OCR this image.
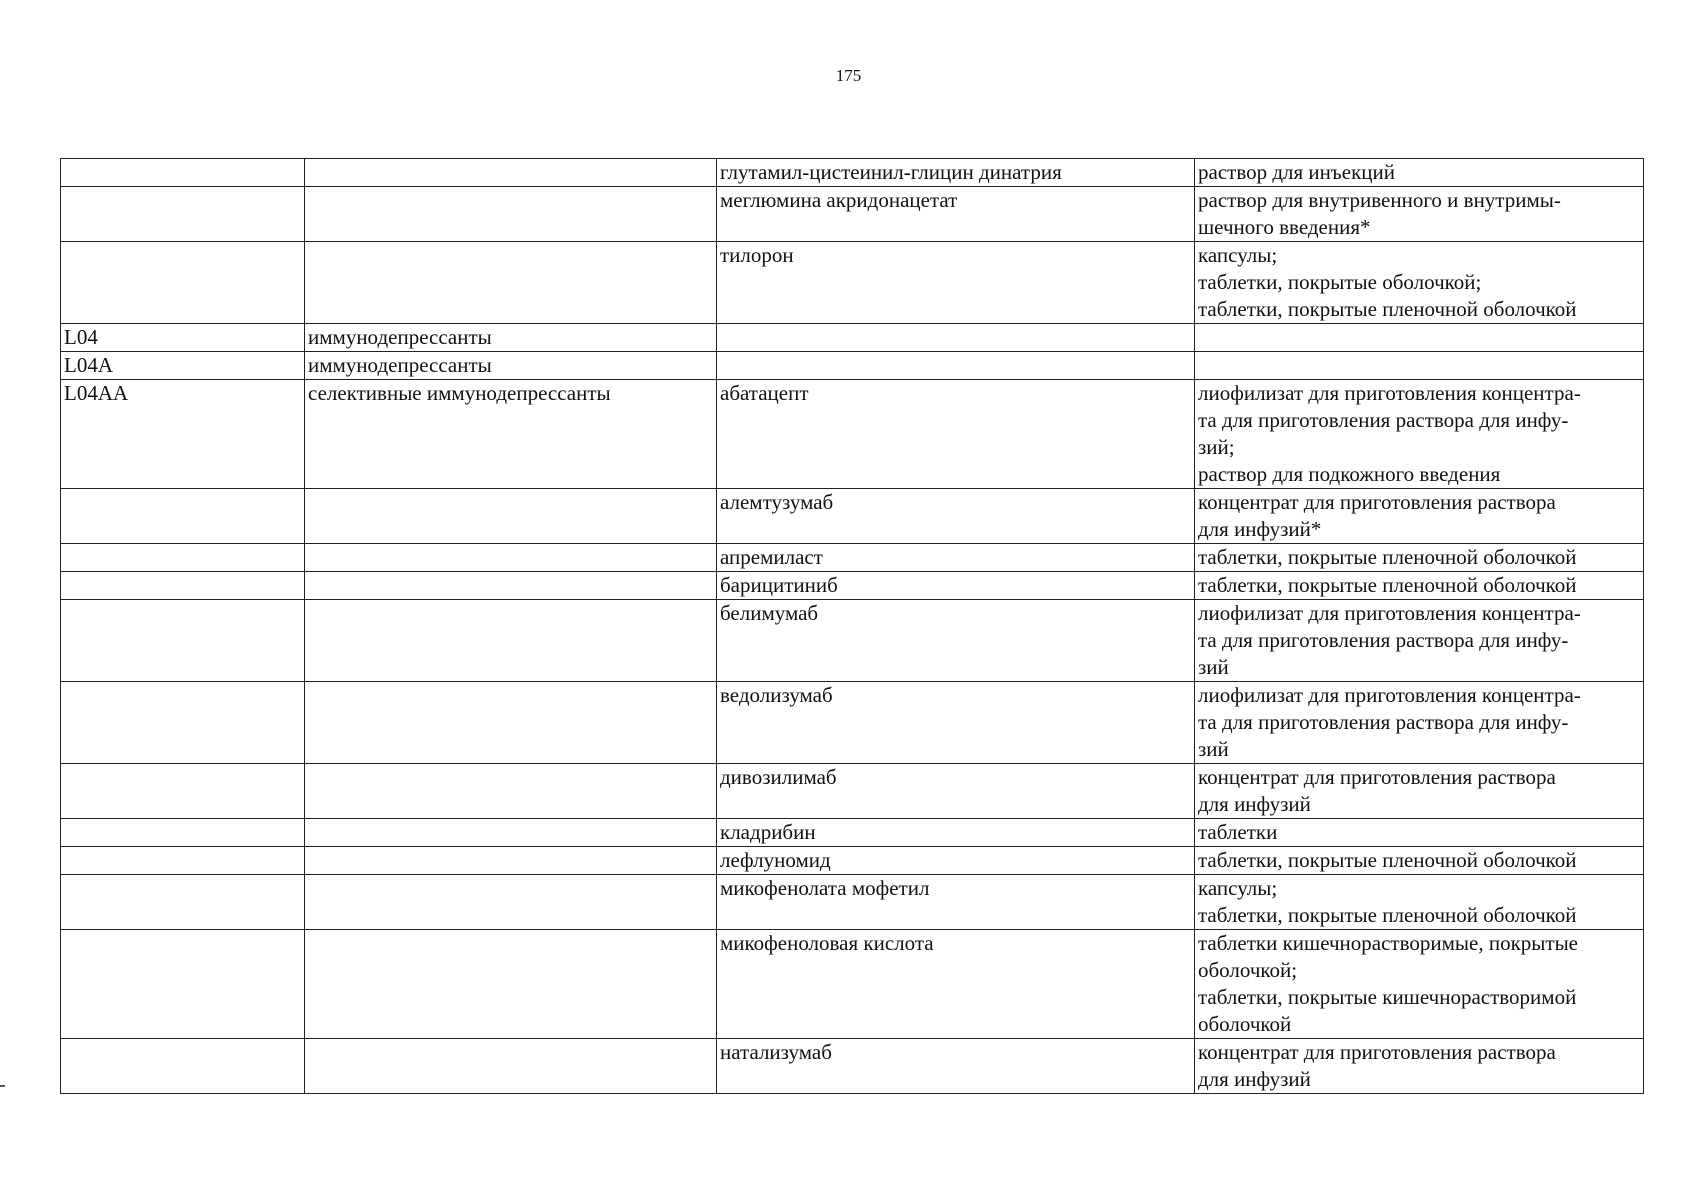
175
		глутамил-цистеинил-глицин динатрия	раствор для инъекций

		меглюмина акридонацетат	раствор для внутривенного и внутримы-
шечного введения*

		тилорон	капсулы;
таблетки, покрытые оболочкой;
таблетки, покрытые пленочной оболочкой

L04	иммунодепрессанты		
L04A	иммунодепрессанты		
L04AA	селективные иммунодепрессанты	абатацепт	лиофилизат для приготовления концентра-
та для приготовления раствора для инфу-
зий;
раствор для подкожного введения

		алемтузумаб	концентрат для приготовления раствора
для инфузий*

		апремиласт	таблетки, покрытые пленочной оболочкой

		барицитиниб	таблетки, покрытые пленочной оболочкой

		белимумаб	лиофилизат для приготовления концентра-
та для приготовления раствора для инфу-
зий

		ведолизумаб	лиофилизат для приготовления концентра-
та для приготовления раствора для инфу-
зий

		дивозилимаб	концентрат для приготовления раствора
для инфузий

		кладрибин	таблетки

		лефлуномид	таблетки, покрытые пленочной оболочкой

		микофенолата мофетил	капсулы;
таблетки, покрытые пленочной оболочкой

		микофеноловая кислота	таблетки кишечнорастворимые, покрытые
оболочкой;
таблетки, покрытые кишечнорастворимой
оболочкой

		натализумаб	концентрат для приготовления раствора
для инфузий
